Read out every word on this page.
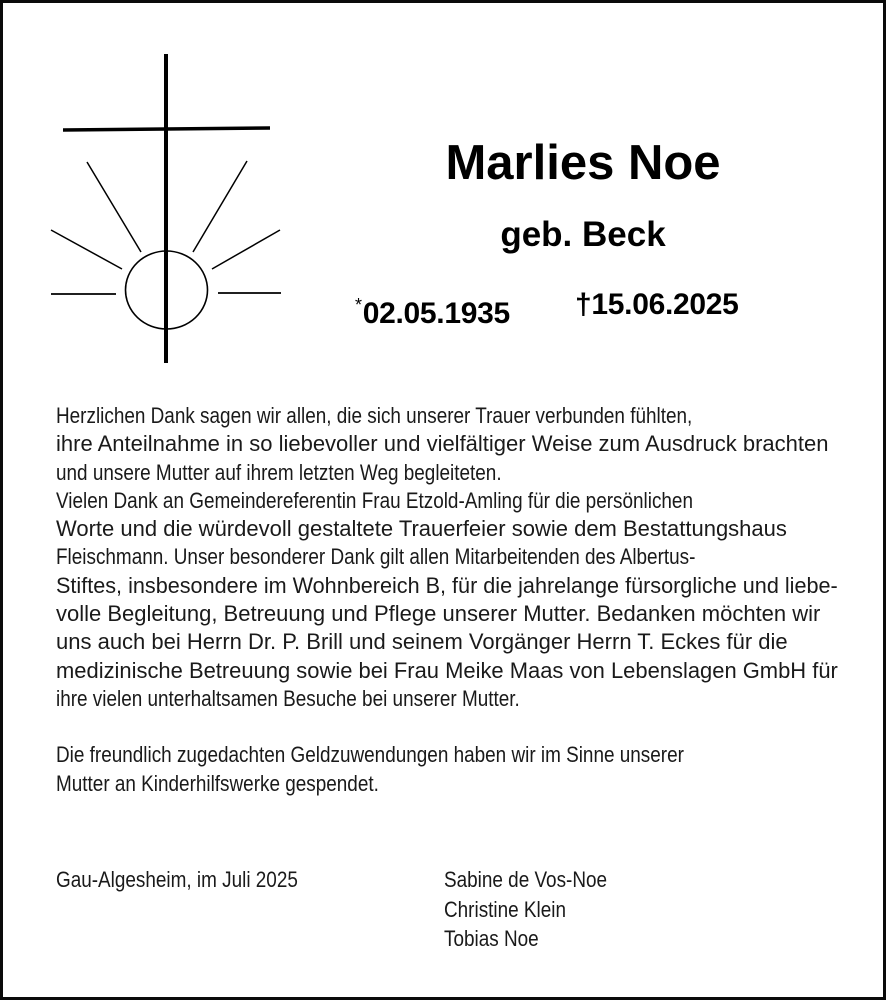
Marlies Noe
geb. Beck
*02.05.1935 †15.06.2025
Herzlichen Dank sagen wir allen, die sich unserer Trauer verbunden fühlten,
ihre Anteilnahme in so liebevoller und vielfältiger Weise zum Ausdruck brachten
und unsere Mutter auf ihrem letzten Weg begleiteten.
Vielen Dank an Gemeindereferentin Frau Etzold-Amling für die persönlichen
Worte und die würdevoll gestaltete Trauerfeier sowie dem Bestattungshaus
Fleischmann. Unser besonderer Dank gilt allen Mitarbeitenden des Albertus-
Stiftes, insbesondere im Wohnbereich B, für die jahrelange fürsorgliche und liebe-
volle Begleitung, Betreuung und Pflege unserer Mutter. Bedanken möchten wir
uns auch bei Herrn Dr. P. Brill und seinem Vorgänger Herrn T. Eckes für die
medizinische Betreuung sowie bei Frau Meike Maas von Lebenslagen GmbH für
ihre vielen unterhaltsamen Besuche bei unserer Mutter.
Die freundlich zugedachten Geldzuwendungen haben wir im Sinne unserer
Mutter an Kinderhilfswerke gespendet.
Gau-Algesheim, im Juli 2025	Sabine de Vos-Noe
Christine Klein
Tobias Noe
